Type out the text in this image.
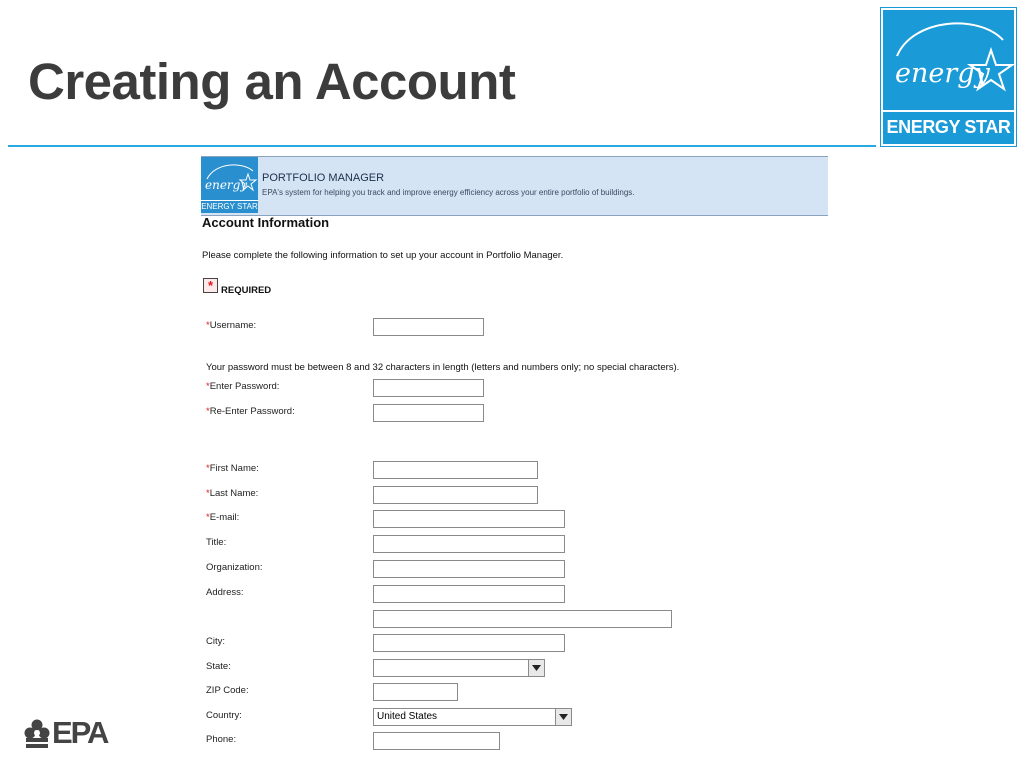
Creating an Account	energy
ENERGY STAR
EPA
energy
ENERGY STAR
PORTFOLIO MANAGER
EPA's system for helping you track and improve energy efficiency across your entire portfolio of buildings.
Account Information
Please complete the following information to set up your account in Portfolio Manager.
* REQUIRED
*Username:
Your password must be between 8 and 32 characters in length (letters and numbers only; no special characters).
*Enter Password:
*Re-Enter Password:
*First Name:
*Last Name:
*E-mail:
Title:
Organization:
Address:
City:
State:
ZIP Code:
Country:	United States
Phone:
